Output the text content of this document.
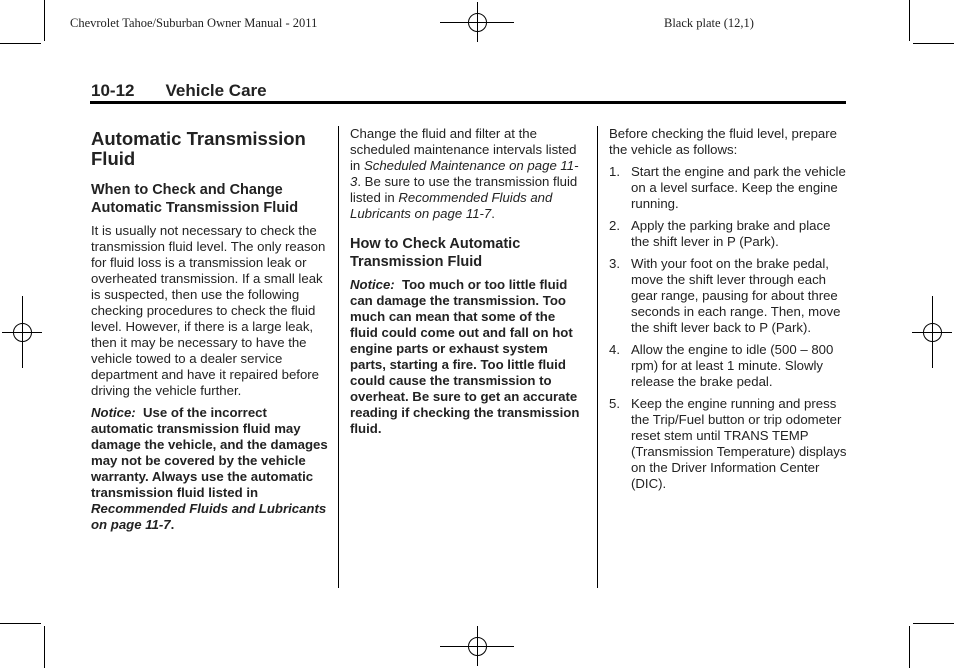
Chevrolet Tahoe/Suburban Owner Manual - 2011	Black plate (12,1)
10-12 Vehicle Care
Automatic Transmission Fluid
When to Check and Change Automatic Transmission Fluid

It is usually not necessary to check the transmission fluid level. The only reason for fluid loss is a transmission leak or overheated transmission. If a small leak is suspected, then use the following checking procedures to check the fluid level. However, if there is a large leak, then it may be necessary to have the vehicle towed to a dealer service department and have it repaired before driving the vehicle further.

Notice: Use of the incorrect automatic transmission fluid may damage the vehicle, and the damages may not be covered by the vehicle warranty. Always use the automatic transmission fluid listed in Recommended Fluids and Lubricants on page 11-7.

Change the fluid and filter at the scheduled maintenance intervals listed in Scheduled Maintenance on page 11-3. Be sure to use the transmission fluid listed in Recommended Fluids and Lubricants on page 11-7.

How to Check Automatic Transmission Fluid

Notice: Too much or too little fluid can damage the transmission. Too much can mean that some of the fluid could come out and fall on hot engine parts or exhaust system parts, starting a fire. Too little fluid could cause the transmission to overheat. Be sure to get an accurate reading if checking the transmission fluid.

Before checking the fluid level, prepare the vehicle as follows:

1. Start the engine and park the vehicle on a level surface. Keep the engine running.
2. Apply the parking brake and place the shift lever in P (Park).
3. With your foot on the brake pedal, move the shift lever through each gear range, pausing for about three seconds in each range. Then, move the shift lever back to P (Park).
4. Allow the engine to idle (500 – 800 rpm) for at least 1 minute. Slowly release the brake pedal.
5. Keep the engine running and press the Trip/Fuel button or trip odometer reset stem until TRANS TEMP (Transmission Temperature) displays on the Driver Information Center (DIC).
